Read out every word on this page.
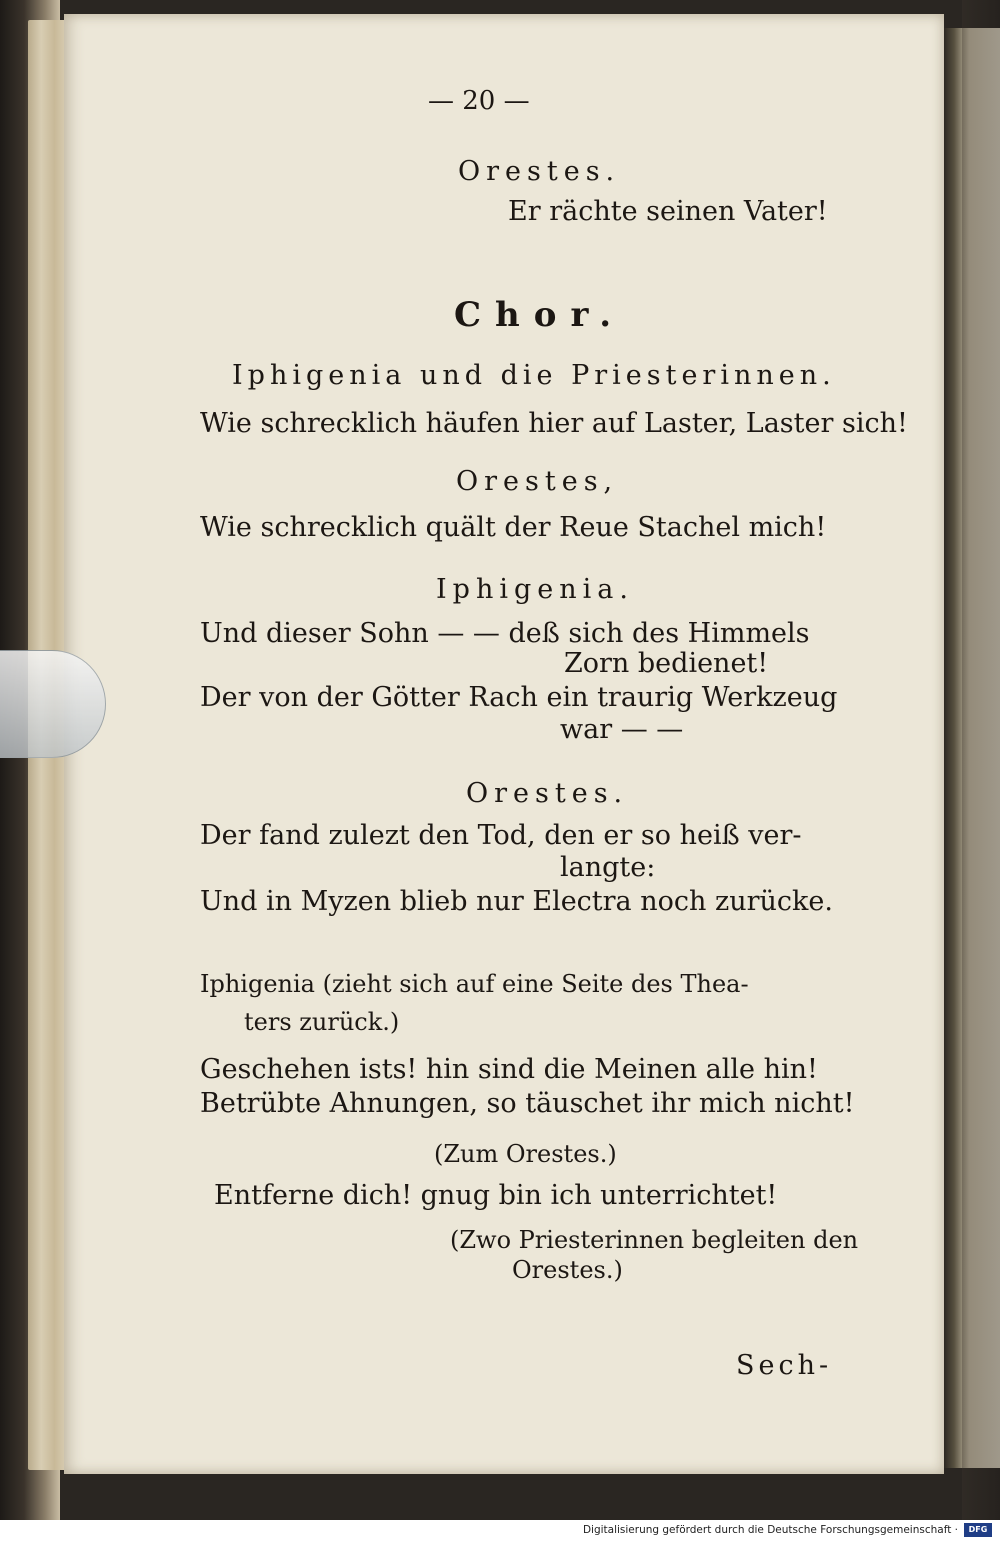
— 20 —
Orestes.
Er rächte seinen Vater!
Chor.
Iphigenia und die Priesterinnen.
Wie schrecklich häufen hier auf Laster, Laster sich!
Orestes,
Wie schrecklich quält der Reue Stachel mich!
Iphigenia.
Und dieser Sohn — — deß sich des Himmels
Zorn bedienet!
Der von der Götter Rach ein traurig Werkzeug
war — —
Orestes.
Der fand zulezt den Tod, den er so heiß ver-
langte:
Und in Myzen blieb nur Electra noch zurücke.
Iphigenia (zieht sich auf eine Seite des Thea-
ters zurück.)
Geschehen ists! hin sind die Meinen alle hin!
Betrübte Ahnungen, so täuschet ihr mich nicht!
(Zum Orestes.)
Entferne dich! gnug bin ich unterrichtet!
(Zwo Priesterinnen begleiten den
Orestes.)
Sech-
Digitalisierung gefördert durch die Deutsche Forschungsgemeinschaft ·	DFG
